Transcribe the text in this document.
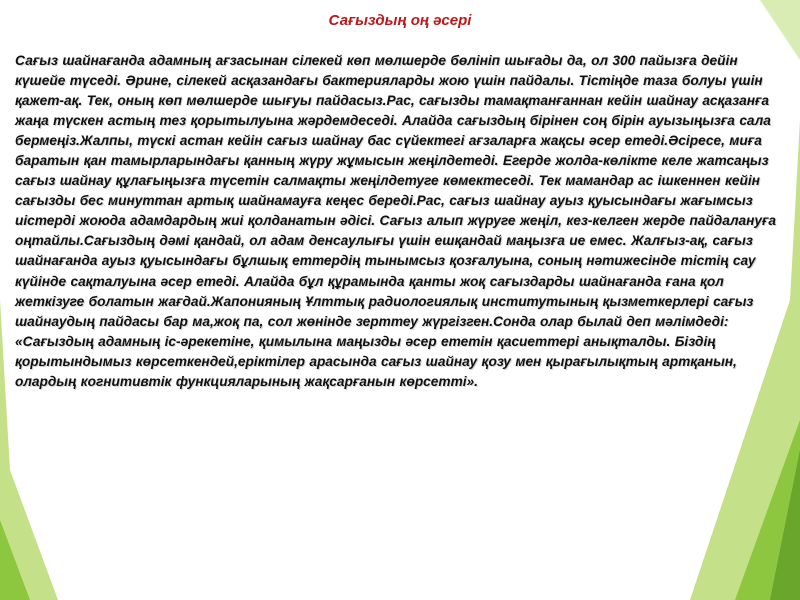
Сағыздың оң әсері

Сағыз шайнағанда адамның ағзасынан сілекей көп мөлшерде бөлініп шығады да, ол 300 пайызға дейін күшейе түседі. Әрине, сілекей асқазандағы бактерияларды жою үшін пайдалы. Тістіңде таза болуы үшін қажет-ақ. Тек, оның көп мөлшерде шығуы пайдасыз.Рас, сағызды тамақтанғаннан кейін шайнау асқазанға жаңа түскен астың тез қорытылуына жәрдемдеседі. Алайда сағыздың бірінен соң бірін ауызыңызға сала бермеңіз.Жалпы, түскі астан кейін сағыз шайнау бас сүйектегі ағзаларға жақсы әсер етеді.Әсіресе, миға баратын қан тамырларындағы қанның жүру жұмысын жеңілдетеді. Егерде жолда-көлікте келе жатсаңыз сағыз шайнау құлағыңызға түсетін салмақты жеңілдетуге көмектеседі. Тек мамандар ас ішкеннен кейін сағызды бес минуттан артық шайнамауға кеңес береді.Рас, сағыз шайнау ауыз қуысындағы жағымсыз иістерді жоюда адамдардың жиі қолданатын әдісі. Сағыз алып жүруге жеңіл, кез-келген жерде пайдалануға оңтайлы.Сағыздың дәмі қандай, ол адам денсаулығы үшін ешқандай маңызға ие емес. Жалғыз-ақ, сағыз шайнағанда ауыз қуысындағы бұлшық еттердің тынымсыз қозғалуына, соның нәтижесінде тістің сау күйінде сақталуына әсер етеді. Алайда бұл құрамында қанты жоқ сағыздарды шайнағанда ғана қол жеткізуге болатын жағдай.Жапонияның Ұлттық радиологиялық институтының қызметкерлері сағыз шайнаудың пайдасы бар ма,жоқ па, сол жөнінде зерттеу жүргізген.Сонда олар былай деп мәлімдеді: «Сағыздың адамның іс-әрекетіне, қимылына маңызды әсер ететін қасиеттері анықталды. Біздің қорытындымыз көрсеткендей,ерiктiлер арасында сағыз шайнау қозу мен қырағылықтың артқанын, олардың когнитивтік функцияларының жақсарғанын көрсетті».
